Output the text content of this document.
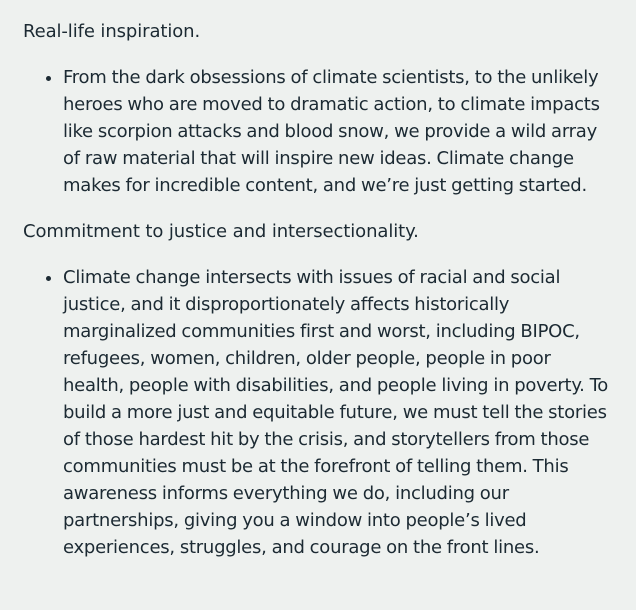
Real-life inspiration.

From the dark obsessions of climate scientists, to the unlikely heroes who are moved to dramatic action, to climate impacts like scorpion attacks and blood snow, we provide a wild array of raw material that will inspire new ideas. Climate change makes for incredible content, and we’re just getting started.

Commitment to justice and intersectionality.

Climate change intersects with issues of racial and social justice, and it disproportionately affects historically marginalized communities first and worst, including BIPOC, refugees, women, children, older people, people in poor health, people with disabilities, and people living in poverty. To build a more just and equitable future, we must tell the stories of those hardest hit by the crisis, and storytellers from those communities must be at the forefront of telling them. This awareness informs everything we do, including our partnerships, giving you a window into people’s lived experiences, struggles, and courage on the front lines.
